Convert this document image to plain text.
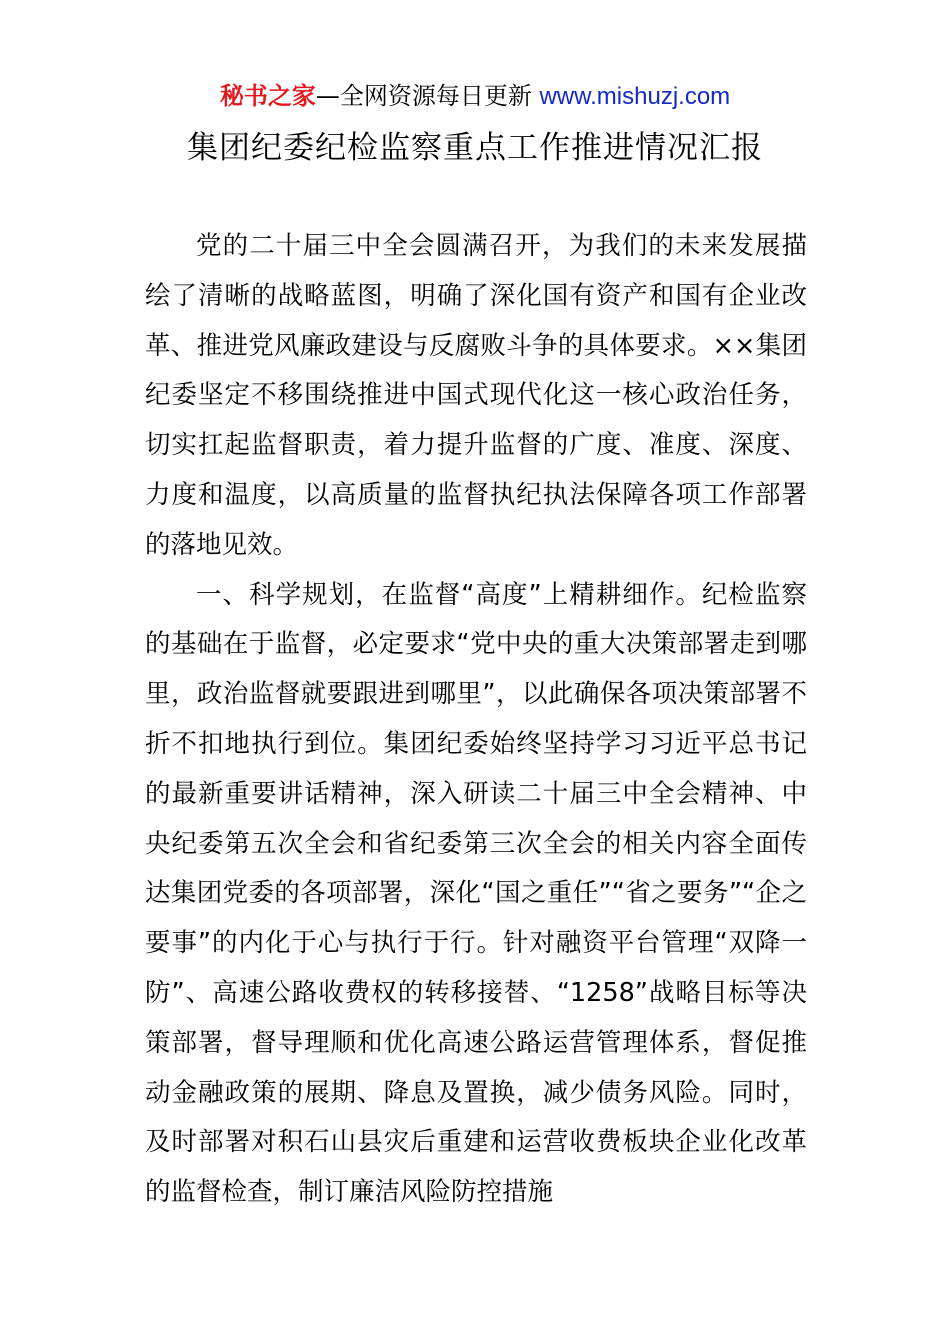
秘书之家—全网资源每日更新 www.mishuzj.com
集团纪委纪检监察重点工作推进情况汇报

党的二十届三中全会圆满召开，为我们的未来发展描绘了清晰的战略蓝图，明确了深化国有资产和国有企业改革、推进党风廉政建设与反腐败斗争的具体要求。××集团纪委坚定不移围绕推进中国式现代化这一核心政治任务，切实扛起监督职责，着力提升监督的广度、准度、深度、力度和温度，以高质量的监督执纪执法保障各项工作部署的落地见效。

一、科学规划，在监督“高度”上精耕细作。纪检监察的基础在于监督，必定要求“党中央的重大决策部署走到哪里，政治监督就要跟进到哪里”，以此确保各项决策部署不折不扣地执行到位。集团纪委始终坚持学习习近平总书记的最新重要讲话精神，深入研读二十届三中全会精神、中央纪委第五次全会和省纪委第三次全会的相关内容全面传达集团党委的各项部署，深化“国之重任”“省之要务”“企之要事”的内化于心与执行于行。针对融资平台管理“双降一防”、高速公路收费权的转移接替、“1258”战略目标等决策部署，督导理顺和优化高速公路运营管理体系，督促推动金融政策的展期、降息及置换，减少债务风险。同时，及时部署对积石山县灾后重建和运营收费板块企业化改革的监督检查，制订廉洁风险防控措施
